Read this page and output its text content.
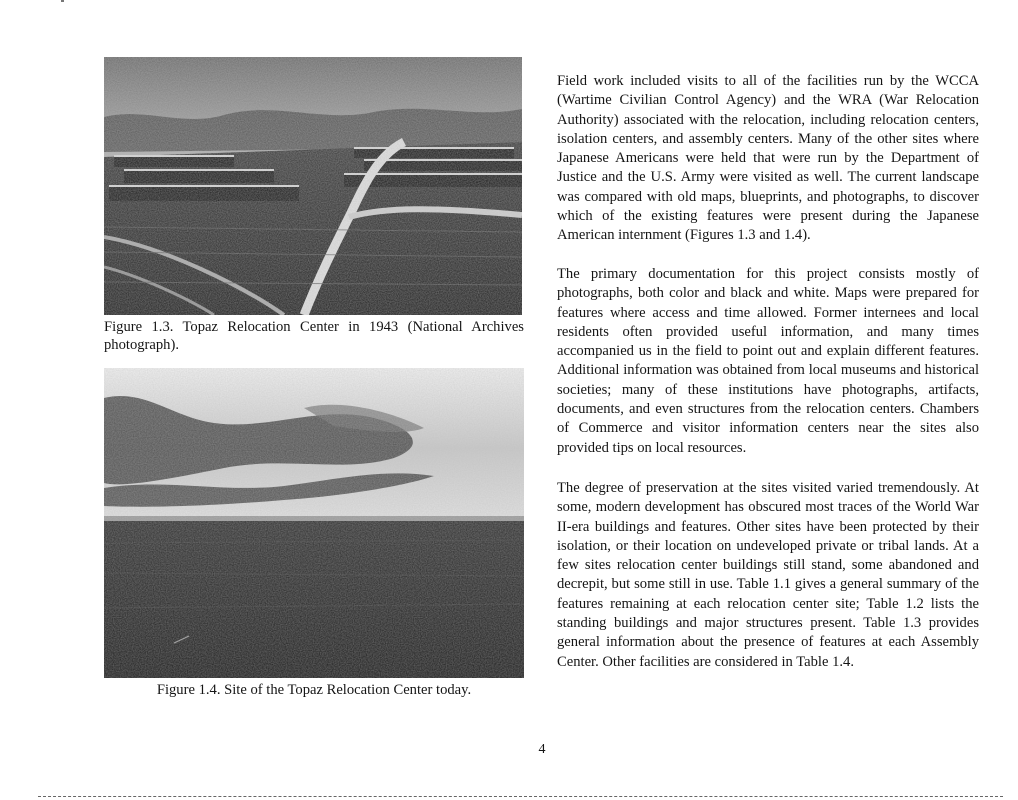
Figure 1.3. Topaz Relocation Center in 1943 (National Archives photograph).
Figure 1.4. Site of the Topaz Relocation Center today.

Field work included visits to all of the facilities run by the WCCA (Wartime Civilian Control Agency) and the WRA (War Relocation Authority) associated with the relocation, including relocation centers, isolation centers, and assembly centers. Many of the other sites where Japanese Americans were held that were run by the Department of Justice and the U.S. Army were visited as well. The current landscape was compared with old maps, blueprints, and photographs, to discover which of the existing features were present during the Japanese American internment (Figures 1.3 and 1.4).

The primary documentation for this project consists mostly of photographs, both color and black and white. Maps were prepared for features where access and time allowed. Former internees and local residents often provided useful information, and many times accompanied us in the field to point out and explain different features. Additional information was obtained from local museums and historical societies; many of these institutions have photographs, artifacts, documents, and even structures from the relocation centers. Chambers of Commerce and visitor information centers near the sites also provided tips on local resources.

The degree of preservation at the sites visited varied tremendously. At some, modern development has obscured most traces of the World War II-era buildings and features. Other sites have been protected by their isolation, or their location on undeveloped private or tribal lands. At a few sites relocation center buildings still stand, some abandoned and decrepit, but some still in use. Table 1.1 gives a general summary of the features remaining at each relocation center site; Table 1.2 lists the standing buildings and major structures present. Table 1.3 provides general information about the presence of features at each Assembly Center. Other facilities are considered in Table 1.4.

4
